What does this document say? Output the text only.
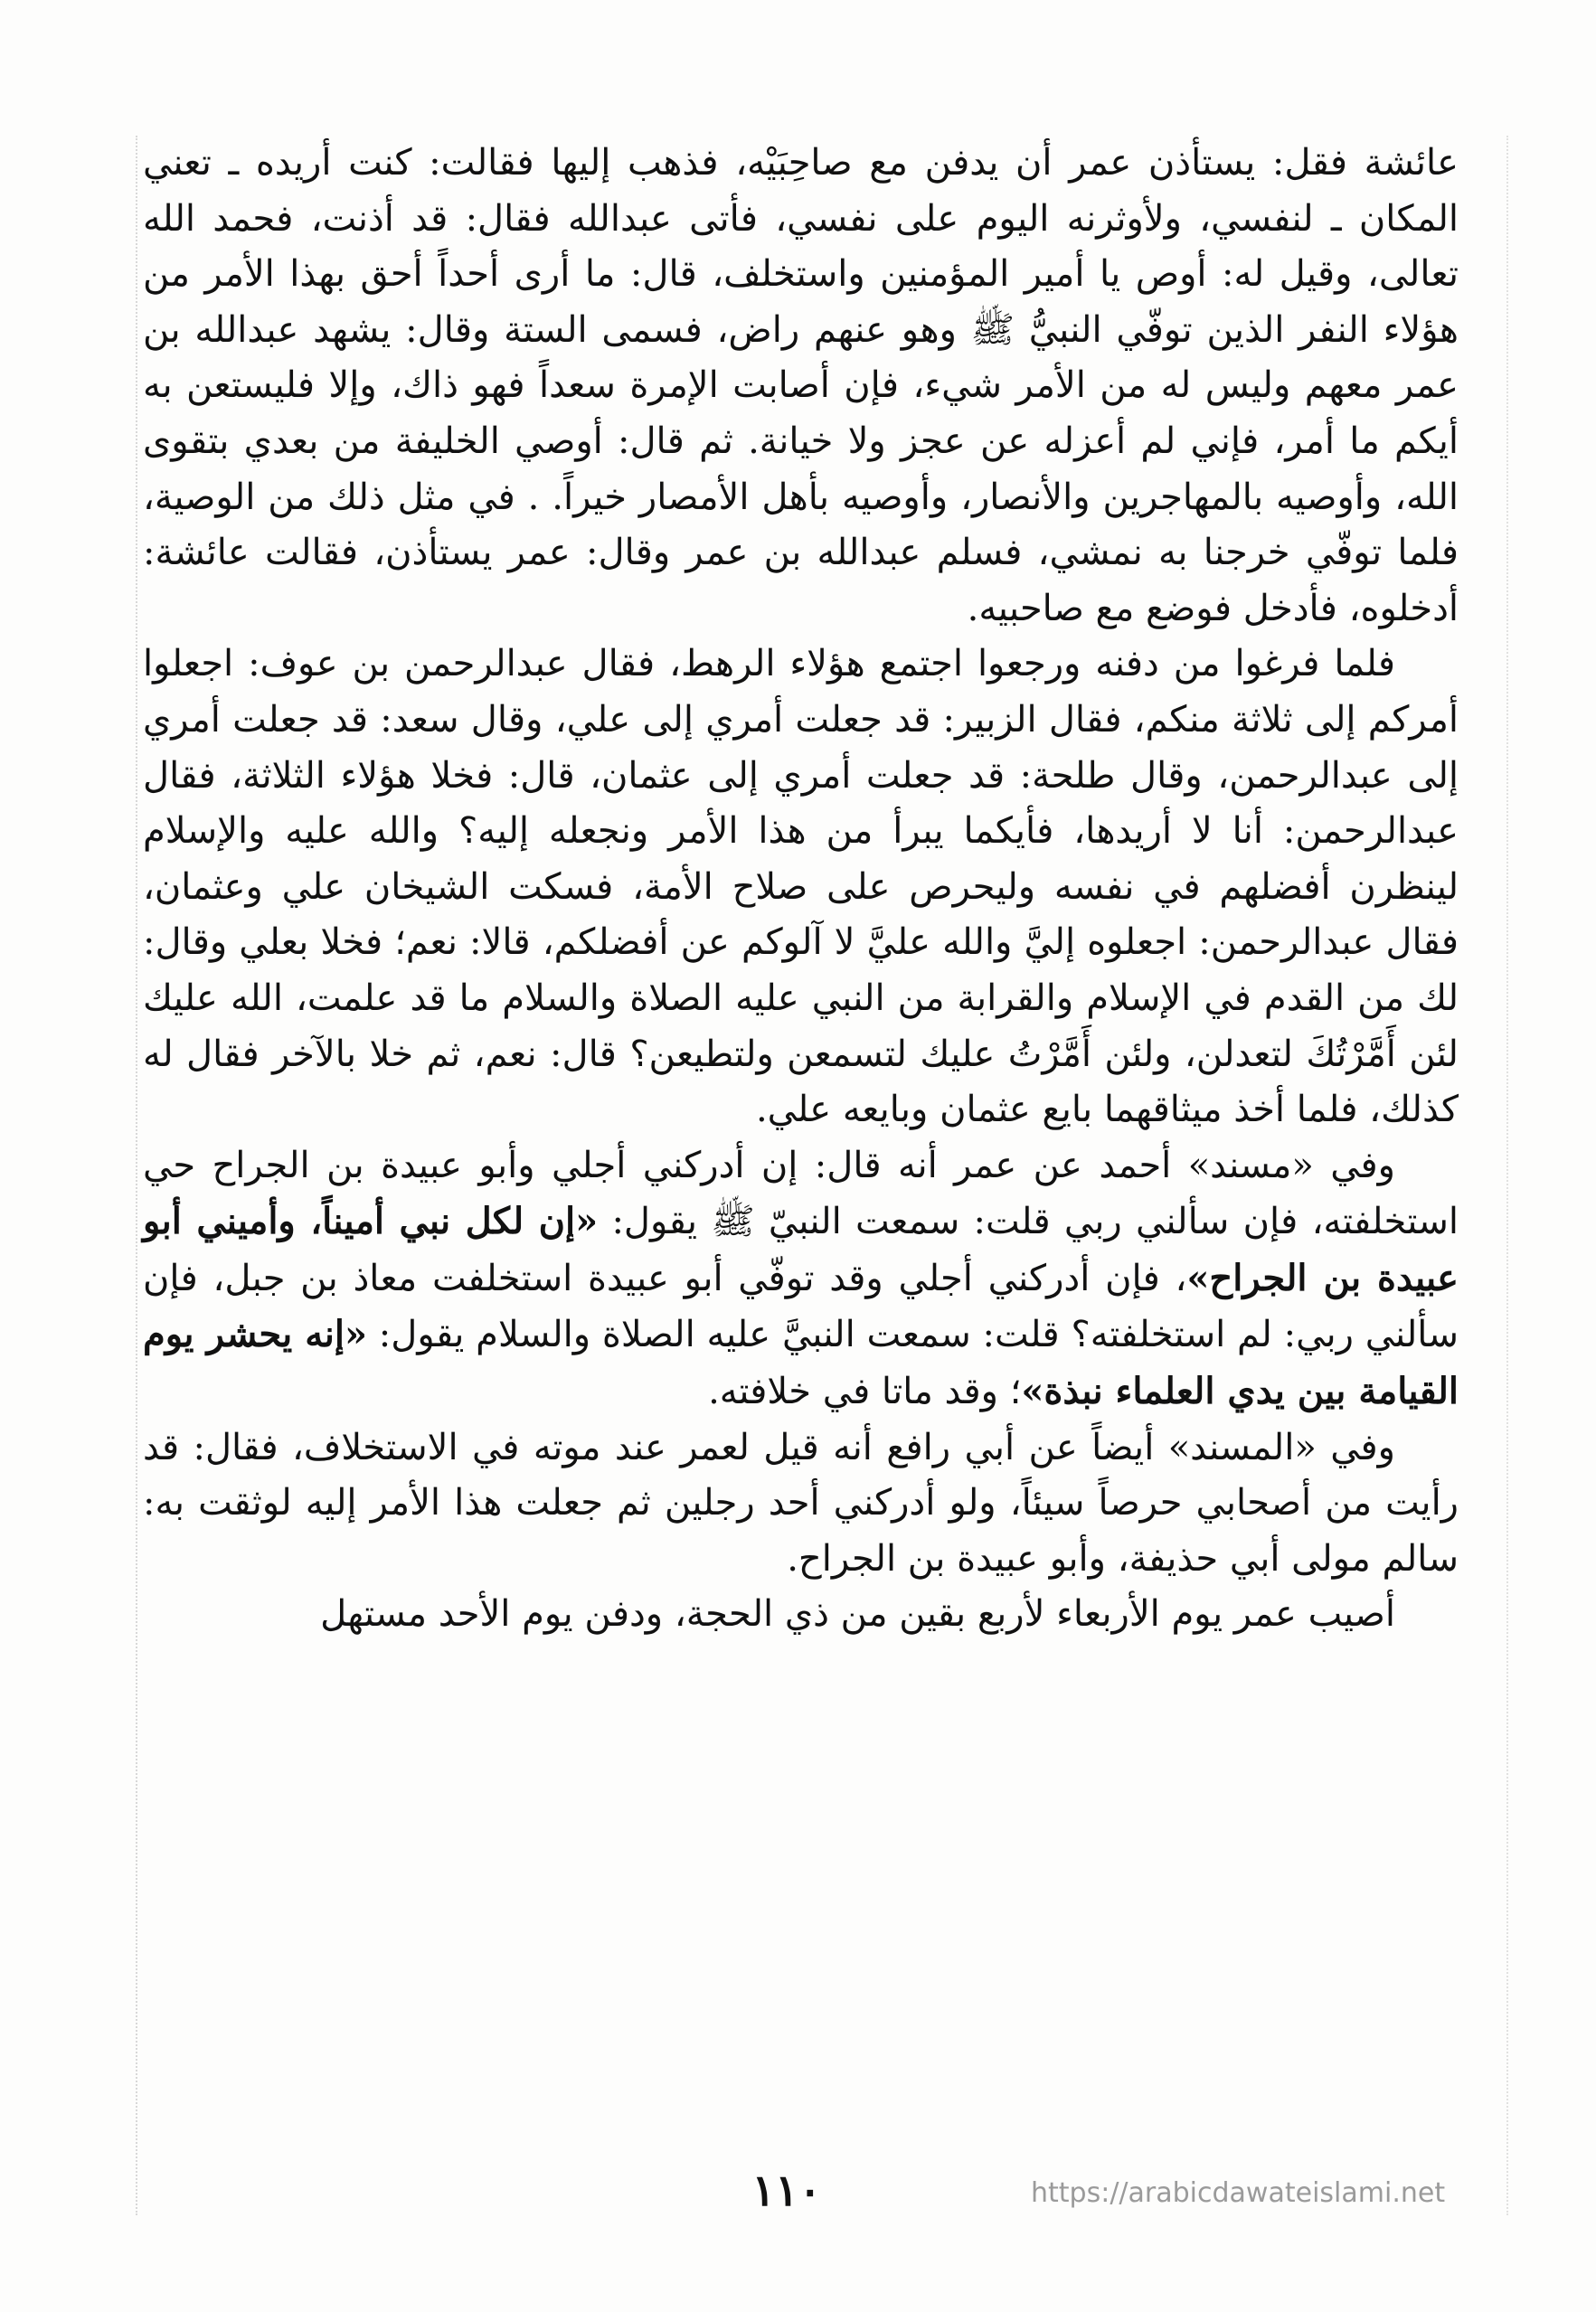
عائشة فقل: يستأذن عمر أن يدفن مع صاحِبَيْه، فذهب إليها فقالت: كنت أريده ـ تعني المكان ـ لنفسي، ولأوثرنه اليوم على نفسي، فأتى عبدالله فقال: قد أذنت، فحمد الله تعالى، وقيل له: أوص يا أمير المؤمنين واستخلف، قال: ما أرى أحداً أحق بهذا الأمر من هؤلاء النفر الذين توفّي النبيُّ ﷺ وهو عنهم راض، فسمى الستة وقال: يشهد عبدالله بن عمر معهم وليس له من الأمر شيء، فإن أصابت الإمرة سعداً فهو ذاك، وإلا فليستعن به أيكم ما أمر، فإني لم أعزله عن عجز ولا خيانة. ثم قال: أوصي الخليفة من بعدي بتقوى الله، وأوصيه بالمهاجرين والأنصار، وأوصيه بأهل الأمصار خيراً. . في مثل ذلك من الوصية، فلما توفّي خرجنا به نمشي، فسلم عبدالله بن عمر وقال: عمر يستأذن، فقالت عائشة: أدخلوه، فأدخل فوضع مع صاحبيه.

فلما فرغوا من دفنه ورجعوا اجتمع هؤلاء الرهط، فقال عبدالرحمن بن عوف: اجعلوا أمركم إلى ثلاثة منكم، فقال الزبير: قد جعلت أمري إلى علي، وقال سعد: قد جعلت أمري إلى عبدالرحمن، وقال طلحة: قد جعلت أمري إلى عثمان، قال: فخلا هؤلاء الثلاثة، فقال عبدالرحمن: أنا لا أريدها، فأيكما يبرأ من هذا الأمر ونجعله إليه؟ والله عليه والإسلام لينظرن أفضلهم في نفسه وليحرص على صلاح الأمة، فسكت الشيخان علي وعثمان، فقال عبدالرحمن: اجعلوه إليَّ والله عليَّ لا آلوكم عن أفضلكم، قالا: نعم؛ فخلا بعلي وقال: لك من القدم في الإسلام والقرابة من النبي عليه الصلاة والسلام ما قد علمت، الله عليك لئن أَمَّرْتُكَ لتعدلن، ولئن أَمَّرْتُ عليك لتسمعن ولتطيعن؟ قال: نعم، ثم خلا بالآخر فقال له كذلك، فلما أخذ ميثاقهما بايع عثمان وبايعه علي.

وفي «مسند» أحمد عن عمر أنه قال: إن أدركني أجلي وأبو عبيدة بن الجراح حي استخلفته، فإن سألني ربي قلت: سمعت النبيّ ﷺ يقول: «إن لكل نبي أميناً، وأميني أبو عبيدة بن الجراح»، فإن أدركني أجلي وقد توفّي أبو عبيدة استخلفت معاذ بن جبل، فإن سألني ربي: لم استخلفته؟ قلت: سمعت النبيَّ عليه الصلاة والسلام يقول: «إنه يحشر يوم القيامة بين يدي العلماء نبذة»؛ وقد ماتا في خلافته.

وفي «المسند» أيضاً عن أبي رافع أنه قيل لعمر عند موته في الاستخلاف، فقال: قد رأيت من أصحابي حرصاً سيئاً، ولو أدركني أحد رجلين ثم جعلت هذا الأمر إليه لوثقت به: سالم مولى أبي حذيفة، وأبو عبيدة بن الجراح.

أصيب عمر يوم الأربعاء لأربع بقين من ذي الحجة، ودفن يوم الأحد مستهل

١١٠	https://arabicdawateislami.net
